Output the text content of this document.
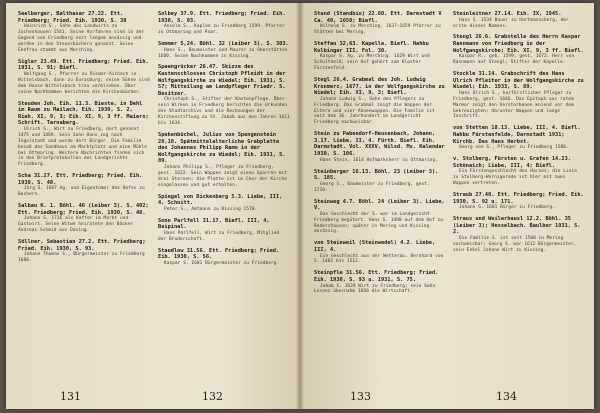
Seelberger, Balthasar 27.22. Ett. Friedberg; Fried. Eih. 1930, S. 38
Heinrich S., Sohn des Landwirts zu Jachenhausen 1541. Seine Vorfahren sind in der Gegend von Friedberg seit langem ansässig und werden in den Steuerbüchern genannt. Seine Ehefrau stammt aus Merching.
Sigler 23.49. Ett. Friedberg; Fried. Eih. 1931, S. 91; Biefl.
Wolfgang S., Pfarrer zu Rieder-Aichach in Wittelsbach, dann zu Eurasburg; seine Söhne sind dem Hause Wittelsbach treu verblieben. Über seine Nachkommen berichten die Kirchenbücher.
Steuden Joh. Eih. 11.3. Bieste, in Dehl im Raum zu Mailach, Eih. 1930, S. 2, Rieh. XI, 9, 3; Eih. XI, 9, 3 ff. Maiers; Schrift. Tarnaberg.
Ulrich S., Wirt zu Friedberg, dort genannt 1475 und 1489. Sein Sohn Hans zog nach Ingolstadt und wurde dort Bürger. Die Familie besaß das Sandhaus am Marktplatz und eine Mühle bei Ottmaring. Weitere Nachrichten finden sich in den Briefprotokollen des Landgerichts Friedberg.
Scha 31.27. Ett. Friedberg; Fried. Eih. 1930, S. 48.
Jörg S. 1607 Ag. und Eigentümer des Hofes zu Bachern.
Salbau K. 1. Böhl. 46 (Leiber 3). S. 402; Ett. Friedberg; Fried. Eih. 1930, S. 48.
Johann S. 1716 als Kaffer im Markt und Gastwirt. Seine Witwe heiratete den Bäcker Andreas Schmid aus Dasing.
Söllner, Sebastian 27.2. Ett. Friedberg; Fried. Eih. 1930, S. 93.
Johann Thomas S., Bürgermeister zu Friedberg 1688.
Solbey 37.9. Ett. Friedberg; Fried. Eih. 1930, S. 93.
Anselm S., Kaplan zu Friedberg 1599. Pfarrer zu Ottmaring und Paar.
Sommer 5,24. Böhl. 32 (Leiber 3). S. 303.
Hans S., Baumeister und Maurer zu Oberstätten 1600. Seine Nachkommen in Kissing.
Spaengrücker 26.47. Skizze des Kastenschlosses Christoph Pfleidt in der Wolfgangskirche zu Wiedel; Eih. 1931, S. 57; Mitteilung am Landpfleger Friedr. S. Besitzer.
Christoph S., Stifter der Kastenpflege. Über sein Wirken in Friedberg berichten die Urkunden des Stadtarchivs und die Rechnungen der Kirchenstiftung zu St. Jakob aus den Jahren 1611 bis 1634.
Spekenbüchel, Julius von Spengenstein 28,10. Spätmittelalterliche Grabplatte des Johannes Philipp Ramm in der Wolfgangskirche zu Wiedel; Eih. 1931, S. 89.
Johann Philipp S., Pfleger zu Friedberg, gest. 1622. Sein Wappen zeigt einen Sparren mit drei Sternen; die Platte ist im Chor der Kirche eingelassen und gut erhalten.
Spiegel von Dickenberg 5.3. Liebe, III, 4, Schnitt.
Peter S., Amtmann zu Kissing 1570.
Sonn Parlfell 31.17. Biefl. III, 4, Beipinal.
Hans Parlfell, Wirt zu Friedberg, Mitglied der Bruderschaft.
Staudlow 31.56. Ett. Friedberg; Fried. Eih. 1930, S. 56.
Kaspar S. 1601 Bürgermeister zu Friedberg.
131	132
Stand (Standbio) 22.60. Ett. Darmstadt V Ca. 40, 1650; Biefl.
Wilhelm S. zu Merching, 1637–1659 Pfarrer zu Stätten bei Mering.
Steffan 32,63. Kapelle. Biefl. Nahbu Kolbinger III, Fol. 30.
Kaspar S. Ag. zu Merching. 1629 Wirt und Schultheiß; sein Hof gehört zum Kloster Fürstenfeld.
Stegl 26,4. Grabmal des Joh. Ludwig Kronmerc, 1677, in der Wolfgangskirche zu Wiedel; Eih. XI, 9, 3; Biefl.
Johann Ludwig S., Sohn des Pflegers zu Friedberg. Das Grabmal zeigt die Wappen der Eltern und vier Ahnenwappen. Die Familie ist seit dem 16. Jahrhundert im Landgericht Friedberg nachweisbar.
Stein zu Pabendorf-Heusenbach, Johann, 3.17. Liebe, II, 4. Fürth. Biefl. Eih. Darmstadt. Vol. XXXV, Wilsd. Ms. Kalendar 1930, S. 106.
Hans Stein, 1614 Hofmarksherr zu Ottmaring.
Steinberger 16.13. Böhl. 23 (Leiber 3). S. 185.
Georg S., Baumeister zu Friedberg, gest. 1710.
Steinweg 4.7. Böhl. 24 (Leiber 3). Liebe, V.
Das Geschlecht der S. war im Landgericht Friedberg begütert. Hans S. 1498 auf dem Hof zu Rederzhausen; später in Mering und Kissing ansässig.
von Steinweil (Steinwedel) 4.2. Liebe, III, 4.
Ein Geschlecht aus der Wetterau. Bernhard von S. 1482 bis 1512.
Steinpfle 31.56. Ett. Friedberg; Fried. Eih. 1930, S. 93 u. 1931, S. 75.
Jakob S. 1639 Wirt zu Friedberg; sein Sohn Lorenz übernahm 1660 die Wirtschaft.
Steinleitner 27.14. Eih. IX, 1945.
Hans S. 1534 Bauer zu Hartmannsberg, der erste dieses Namens.
Stengl 26.6. Grabstelle des Herrn Kaspar Rannmann von Friedberg in der Wolfgangskirche; Eih. XI, 9, 3 ff. Biefl.
Kaspar R., geb. 1599, gest. 1672. Herr von Rannmann auf Stengl; Stifter der Kapelle.
Stockle 31.14. Grabschrift des Hans Ulrich Pfleiter in der Wolfgangskirche zu Wiedel; Eih. 1933, S. 89.
Hans Ulrich S., kurfürstlicher Pfleger zu Friedberg, gest. 1646. Das Epitaph aus rotem Marmor zeigt den Verstorbenen kniend vor dem Gekreuzigten; darunter Wappen und lange Inschrift.
von Stetten 18.13. Liebe, III, 4. Biefl. Nahbu Fürstenfelde, Darmstadt 1931; Kirchb. Des Hans Herbst.
Georg von S., Pfleger zu Friedberg 1580.
v. Stolberg, Fürsten u. Grafen 14.23. Schönaich; Liebe, III, 4; Biefl.
Ein Fürstengeschlecht des Harzes; die Linie zu Stolberg-Wernigerode ist hier mit zwei Wappen vertreten.
Straub 27.40. Ett. Friedberg; Fried. Eih. 1930, S. 92 u. 171.
Johann S. 1601 Bürger zu Friedberg.
Straus und Weilerhausl 12.2. Böhl. 35 (Leiber 3); Hesselbach. Baulber 1931, S. 2.
Die Familie S. ist seit 1500 in Mering nachweisbar; Georg S. war 1612 Bürgermeister, sein Enkel Johann Wirt zu Kissing.
133	134
